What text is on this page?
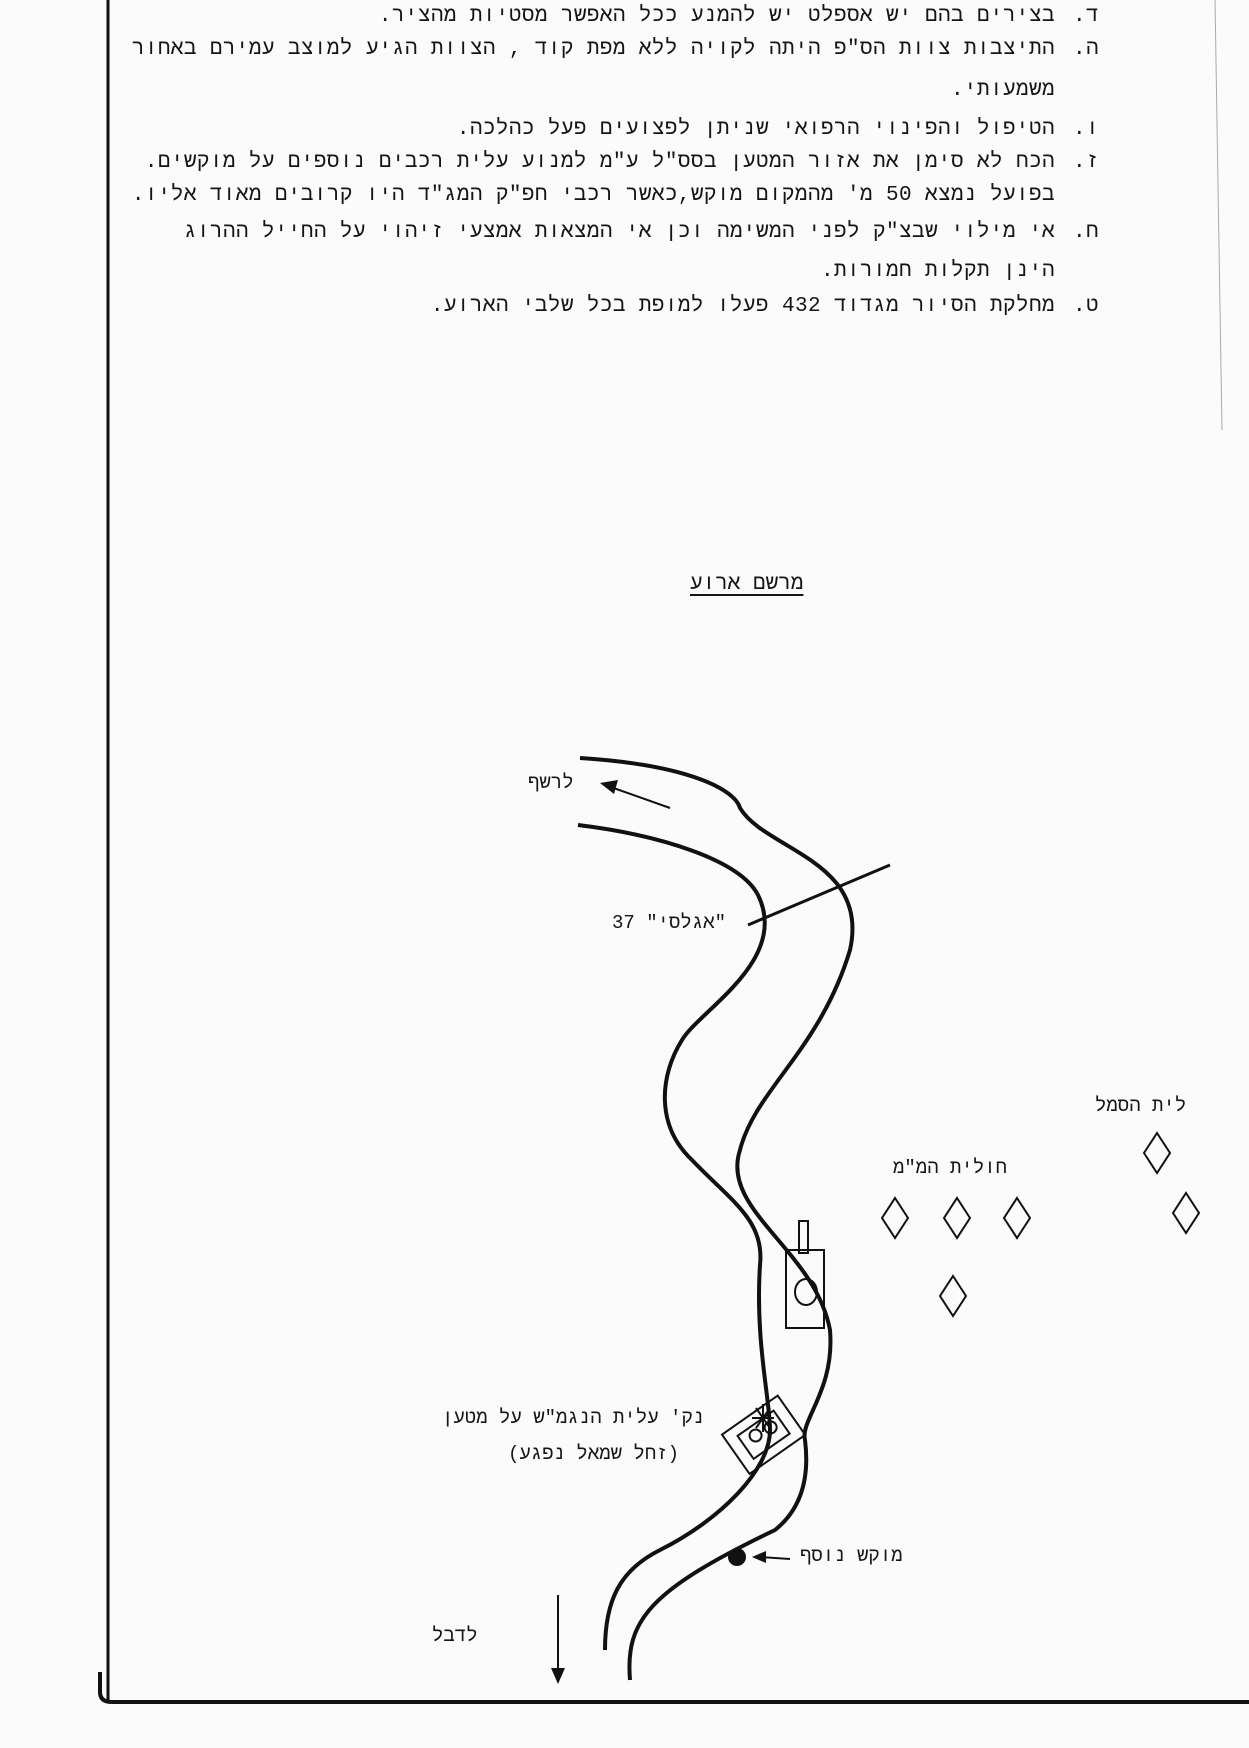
ד.
בצירים בהם יש אספלט יש להמנע ככל האפשר מסטיות מהציר.
ה.
התיצבות צוות הס"פ היתה לקויה ללא מפת קוד , הצוות הגיע למוצב עמירם באחור
משמעותי.
ו.
הטיפול והפינוי הרפואי שניתן לפצועים פעל כהלכה.
ז.
הכח לא סימן את אזור המטען בסס"ל ע"מ למנוע עלית רכבים נוספים על מוקשים.
בפועל נמצא 50 מ' מהמקום מוקש,כאשר רכבי חפ"ק המג"ד היו קרובים מאוד אליו.
ח.
אי מילוי שבצ"ק לפני המשימה וכן אי המצאות אמצעי זיהוי על החייל ההרוג
הינן תקלות חמורות.
ט.
מחלקת הסיור מגדוד 432 פעלו למופת בכל שלבי הארוע.
מרשם ארוע
לרשף
"אגלסי" 37
לית הסמל
חולית המ"מ
נק' עלית הנגמ"ש על מטען
(זחל שמאל נפגע)
מוקש נוסף
לדבל
